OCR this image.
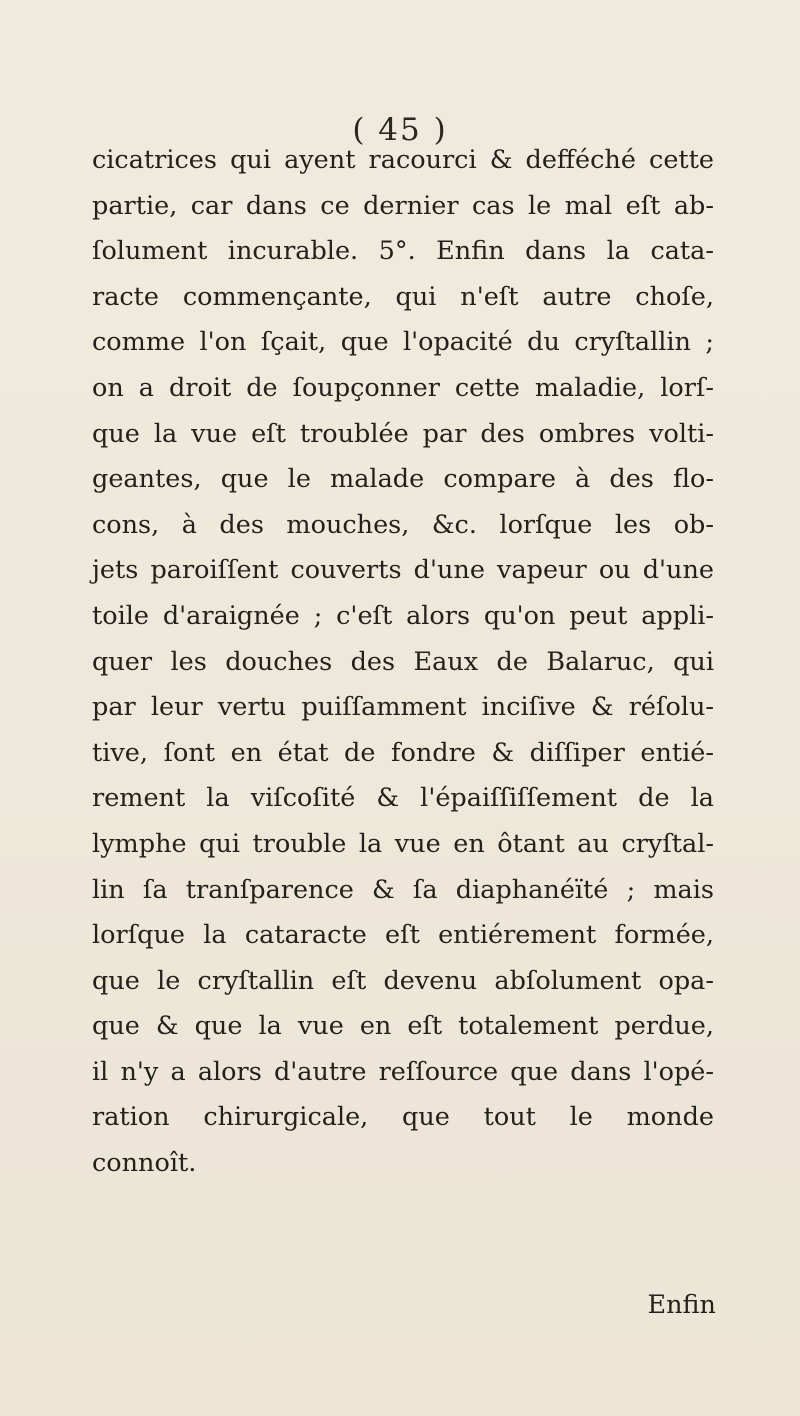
( 45 )
cicatrices qui ayent racourci & defféché cette
partie, car dans ce dernier cas le mal eſt ab-
ſolument incurable. 5°. Enfin dans la cata-
racte commençante, qui n'eſt autre choſe,
comme l'on ſçait, que l'opacité du cryſtallin ;
on a droit de ſoupçonner cette maladie, lorſ-
que la vue eſt troublée par des ombres volti-
geantes, que le malade compare à des flo-
cons, à des mouches, &c. lorſque les ob-
jets paroiſſent couverts d'une vapeur ou d'une
toile d'araignée ; c'eſt alors qu'on peut appli-
quer les douches des Eaux de Balaruc, qui
par leur vertu puiſſamment inciſive & réſolu-
tive, ſont en état de fondre & diſſiper entié-
rement la viſcoſité & l'épaiſſiſſement de la
lymphe qui trouble la vue en ôtant au cryſtal-
lin ſa tranſparence & ſa diaphanéïté ; mais
lorſque la cataracte eſt entiérement formée,
que le cryſtallin eſt devenu abſolument opa-
que & que la vue en eſt totalement perdue,
il n'y a alors d'autre reſſource que dans l'opé-
ration chirurgicale, que tout le monde
connoît.
Enfin
